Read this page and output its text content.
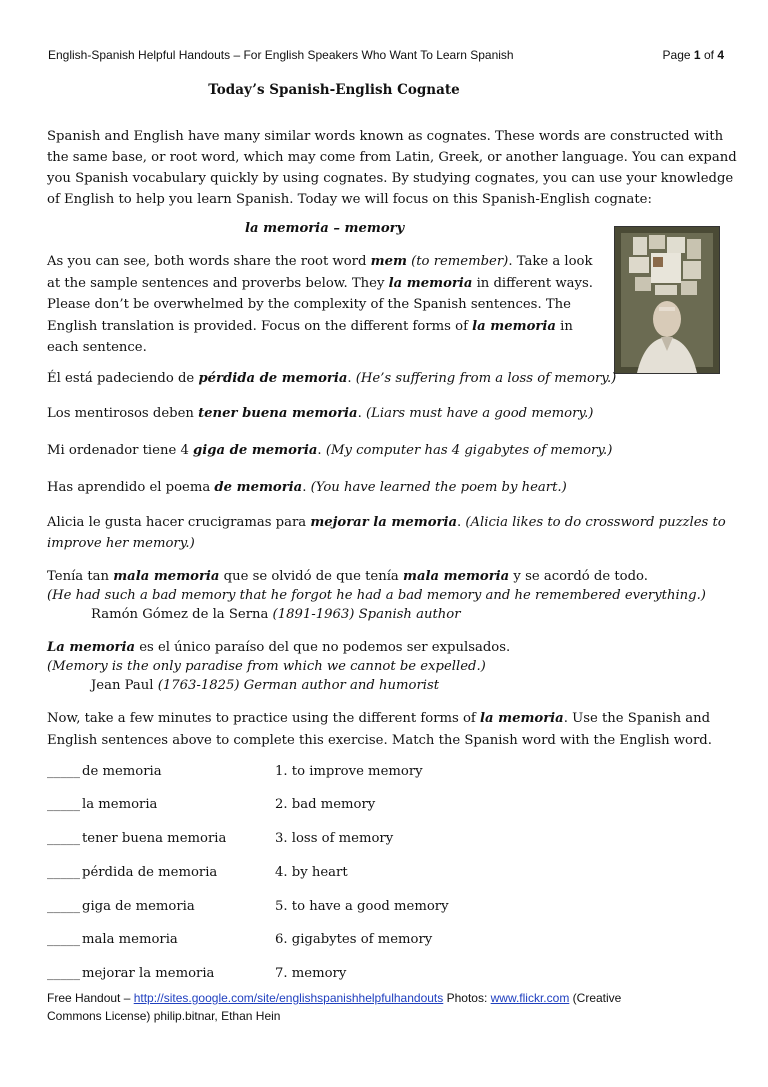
English-Spanish Helpful Handouts – For English Speakers Who Want To Learn Spanish	Page 1 of 4
Today’s Spanish-English Cognate
Spanish and English have many similar words known as cognates. These words are constructed with
the same base, or root word, which may come from Latin, Greek, or another language. You can expand
you Spanish vocabulary quickly by using cognates. By studying cognates, you can use your knowledge
of English to help you learn Spanish. Today we will focus on this Spanish-English cognate:
la memoria – memory
As you can see, both words share the root word mem (to remember). Take a look
at the sample sentences and proverbs below. They la memoria in different ways.
Please don’t be overwhelmed by the complexity of the Spanish sentences. The
English translation is provided. Focus on the different forms of la memoria in
each sentence.
Él está padeciendo de pérdida de memoria. (He’s suffering from a loss of memory.)
Los mentirosos deben tener buena memoria. (Liars must have a good memory.)
Mi ordenador tiene 4 giga de memoria. (My computer has 4 gigabytes of memory.)
Has aprendido el poema de memoria. (You have learned the poem by heart.)
Alicia le gusta hacer crucigramas para mejorar la memoria. (Alicia likes to do crossword puzzles to
improve her memory.)
Tenía tan mala memoria que se olvidó de que tenía mala memoria y se acordó de todo.
(He had such a bad memory that he forgot he had a bad memory and he remembered everything.)
Ramón Gómez de la Serna (1891-1963) Spanish author
La memoria es el único paraíso del que no podemos ser expulsados.
(Memory is the only paradise from which we cannot be expelled.)
Jean Paul (1763-1825) German author and humorist
Now, take a few minutes to practice using the different forms of la memoria. Use the Spanish and
English sentences above to complete this exercise. Match the Spanish word with the English word.
_____ de memoria	1. to improve memory
_____ la memoria	2. bad memory
_____ tener buena memoria	3. loss of memory
_____ pérdida de memoria	4. by heart
_____ giga de memoria	5. to have a good memory
_____ mala memoria	6. gigabytes of memory
_____ mejorar la memoria	7. memory
Free Handout – http://sites.google.com/site/englishspanishhelpfulhandouts Photos: www.flickr.com (Creative
Commons License) philip.bitnar, Ethan Hein
